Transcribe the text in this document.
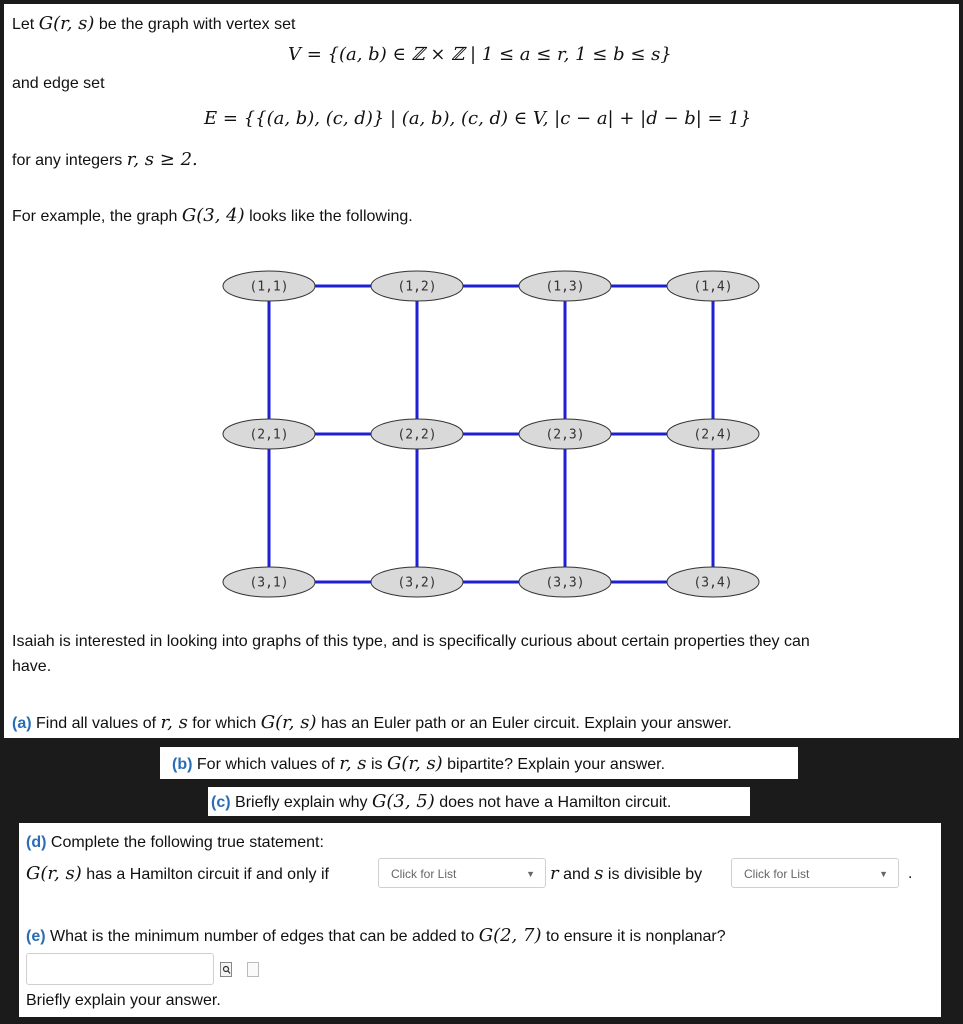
Let G(r, s) be the graph with vertex set
V = {(a, b) ∈ ℤ × ℤ | 1 ≤ a ≤ r, 1 ≤ b ≤ s}
and edge set
E = {{(a, b), (c, d)} | (a, b), (c, d) ∈ V, |c − a| + |d − b| = 1}
for any integers r, s ≥ 2.
For example, the graph G(3, 4) looks like the following.
(1,1)	(1,2)	(1,3)	(1,4)
(2,1)	(2,2)	(2,3)	(2,4)
(3,1)	(3,2)	(3,3)	(3,4)
Isaiah is interested in looking into graphs of this type, and is specifically curious about certain properties they can
have.
(a) Find all values of r, s for which G(r, s) has an Euler path or an Euler circuit. Explain your answer.
(b) For which values of r, s is G(r, s) bipartite? Explain your answer.
(c) Briefly explain why G(3, 5) does not have a Hamilton circuit.
(d) Complete the following true statement:
G(r, s) has a Hamilton circuit if and only if	Click for List	▼ r and s is divisible by	Click for List	▼ .
(e) What is the minimum number of edges that can be added to G(2, 7) to ensure it is nonplanar?
Briefly explain your answer.
